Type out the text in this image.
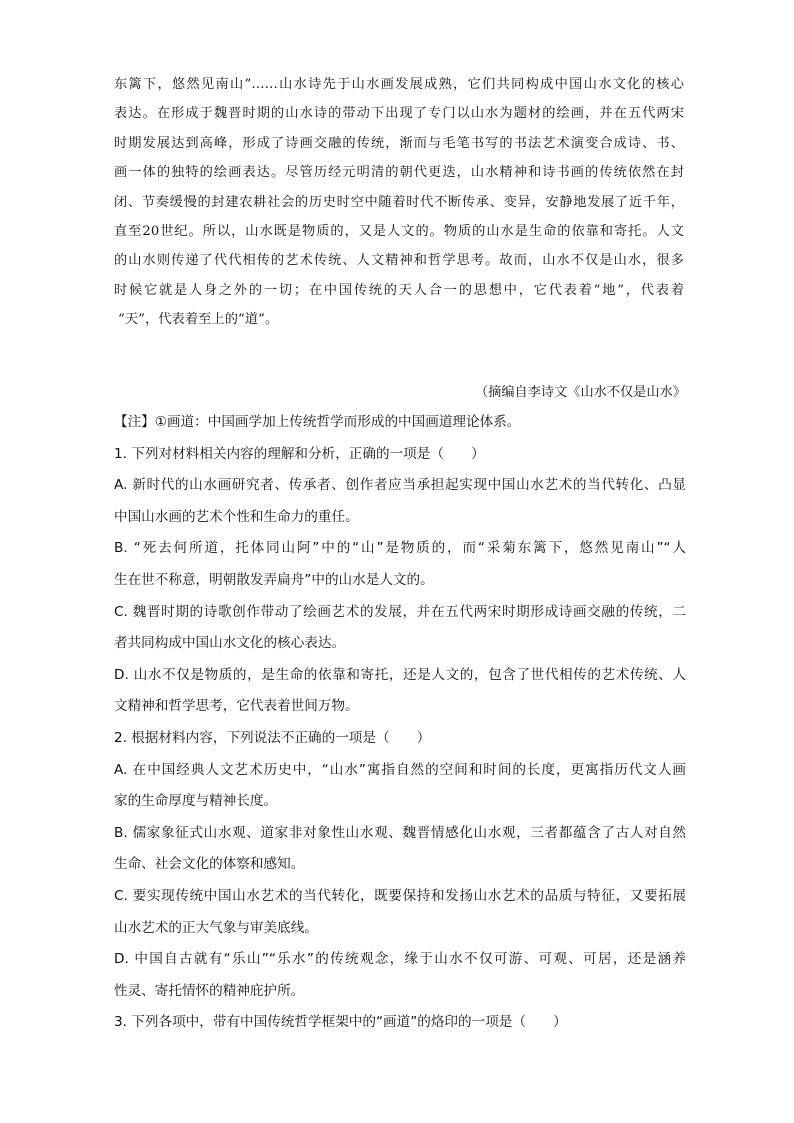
东篱下，悠然见南山”……山水诗先于山水画发展成熟，它们共同构成中国山水文化的核心
表达。在形成于魏晋时期的山水诗的带动下出现了专门以山水为题材的绘画，并在五代两宋
时期发展达到高峰，形成了诗画交融的传统，渐而与毛笔书写的书法艺术演变合成诗、书、
画一体的独特的绘画表达。尽管历经元明清的朝代更迭，山水精神和诗书画的传统依然在封
闭、节奏缓慢的封建农耕社会的历史时空中随着时代不断传承、变异，安静地发展了近千年，
直至20世纪。所以，山水既是物质的，又是人文的。物质的山水是生命的依靠和寄托。人文
的山水则传递了代代相传的艺术传统、人文精神和哲学思考。故而，山水不仅是山水，很多
时候它就是人身之外的一切；在中国传统的天人合一的思想中，它代表着“地”，代表着
“天”，代表着至上的“道”。
（摘编自李诗文《山水不仅是山水》
【注】①画道：中国画学加上传统哲学而形成的中国画道理论体系。
1. 下列对材料相关内容的理解和分析，正确的一项是（　　）
A. 新时代的山水画研究者、传承者、创作者应当承担起实现中国山水艺术的当代转化、凸显
中国山水画的艺术个性和生命力的重任。
B. “死去何所道，托体同山阿”中的“山”是物质的，而“采菊东篱下，悠然见南山”“人
生在世不称意，明朝散发弄扁舟”中的山水是人文的。
C. 魏晋时期的诗歌创作带动了绘画艺术的发展，并在五代两宋时期形成诗画交融的传统，二
者共同构成中国山水文化的核心表达。
D. 山水不仅是物质的，是生命的依靠和寄托，还是人文的，包含了世代相传的艺术传统、人
文精神和哲学思考，它代表着世间万物。
2. 根据材料内容，下列说法不正确的一项是（　　）
A. 在中国经典人文艺术历史中，“山水”寓指自然的空间和时间的长度，更寓指历代文人画
家的生命厚度与精神长度。
B. 儒家象征式山水观、道家非对象性山水观、魏晋情感化山水观，三者都蕴含了古人对自然
生命、社会文化的体察和感知。
C. 要实现传统中国山水艺术的当代转化，既要保持和发扬山水艺术的品质与特征，又要拓展
山水艺术的正大气象与审美底线。
D. 中国自古就有“乐山”“乐水”的传统观念，缘于山水不仅可游、可观、可居，还是涵养
性灵、寄托情怀的精神庇护所。
3. 下列各项中，带有中国传统哲学框架中的“画道”的烙印的一项是（　　）
